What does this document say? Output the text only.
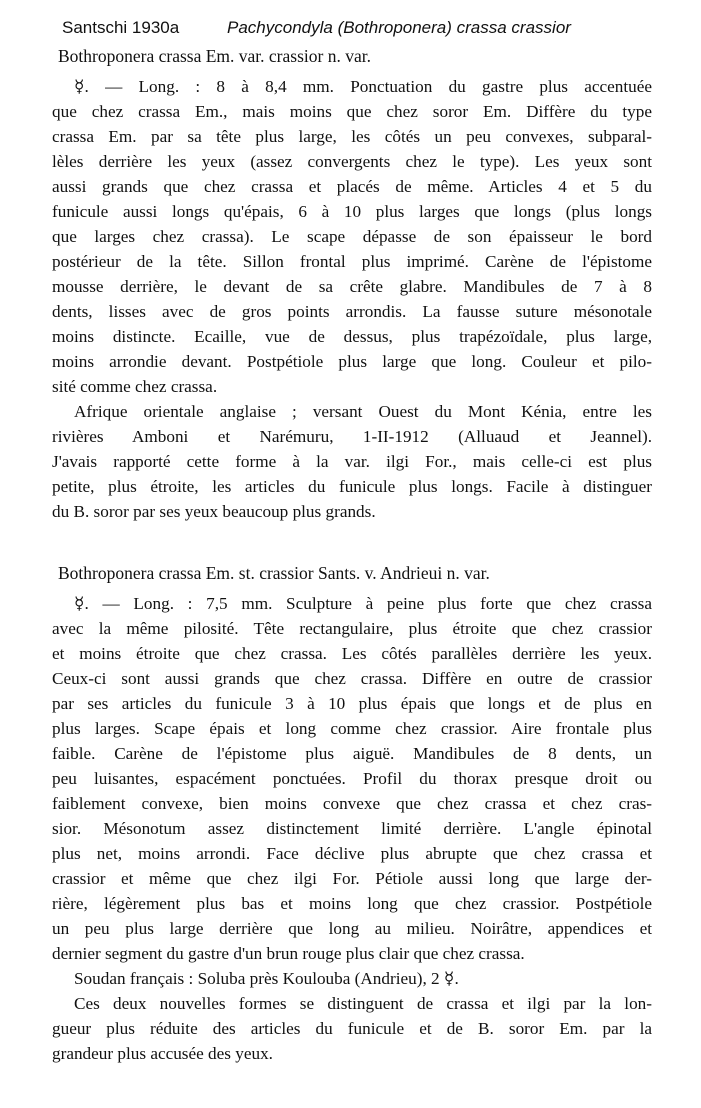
Santschi 1930a	Pachycondyla (Bothroponera) crassa crassior
Bothroponera crassa Em. var. crassior n. var.
☿. — Long. : 8 à 8,4 mm. Ponctuation du gastre plus accentuée
que chez crassa Em., mais moins que chez soror Em. Diffère du type
crassa Em. par sa tête plus large, les côtés un peu convexes, subparal-
lèles derrière les yeux (assez convergents chez le type). Les yeux sont
aussi grands que chez crassa et placés de même. Articles 4 et 5 du
funicule aussi longs qu'épais, 6 à 10 plus larges que longs (plus longs
que larges chez crassa). Le scape dépasse de son épaisseur le bord
postérieur de la tête. Sillon frontal plus imprimé. Carène de l'épistome
mousse derrière, le devant de sa crête glabre. Mandibules de 7 à 8
dents, lisses avec de gros points arrondis. La fausse suture mésonotale
moins distincte. Ecaille, vue de dessus, plus trapézoïdale, plus large,
moins arrondie devant. Postpétiole plus large que long. Couleur et pilo-
sité comme chez crassa.
Afrique orientale anglaise ; versant Ouest du Mont Kénia, entre les
rivières Amboni et Narémuru, 1-II-1912 (Alluaud et Jeannel).
J'avais rapporté cette forme à la var. ilgi For., mais celle-ci est plus
petite, plus étroite, les articles du funicule plus longs. Facile à distinguer
du B. soror par ses yeux beaucoup plus grands.
Bothroponera crassa Em. st. crassior Sants. v. Andrieui n. var.
☿. — Long. : 7,5 mm. Sculpture à peine plus forte que chez crassa
avec la même pilosité. Tête rectangulaire, plus étroite que chez crassior
et moins étroite que chez crassa. Les côtés parallèles derrière les yeux.
Ceux-ci sont aussi grands que chez crassa. Diffère en outre de crassior
par ses articles du funicule 3 à 10 plus épais que longs et de plus en
plus larges. Scape épais et long comme chez crassior. Aire frontale plus
faible. Carène de l'épistome plus aiguë. Mandibules de 8 dents, un
peu luisantes, espacément ponctuées. Profil du thorax presque droit ou
faiblement convexe, bien moins convexe que chez crassa et chez cras-
sior. Mésonotum assez distinctement limité derrière. L'angle épinotal
plus net, moins arrondi. Face déclive plus abrupte que chez crassa et
crassior et même que chez ilgi For. Pétiole aussi long que large der-
rière, légèrement plus bas et moins long que chez crassior. Postpétiole
un peu plus large derrière que long au milieu. Noirâtre, appendices et
dernier segment du gastre d'un brun rouge plus clair que chez crassa.
Soudan français : Soluba près Koulouba (Andrieu), 2 ☿.
Ces deux nouvelles formes se distinguent de crassa et ilgi par la lon-
gueur plus réduite des articles du funicule et de B. soror Em. par la
grandeur plus accusée des yeux.
